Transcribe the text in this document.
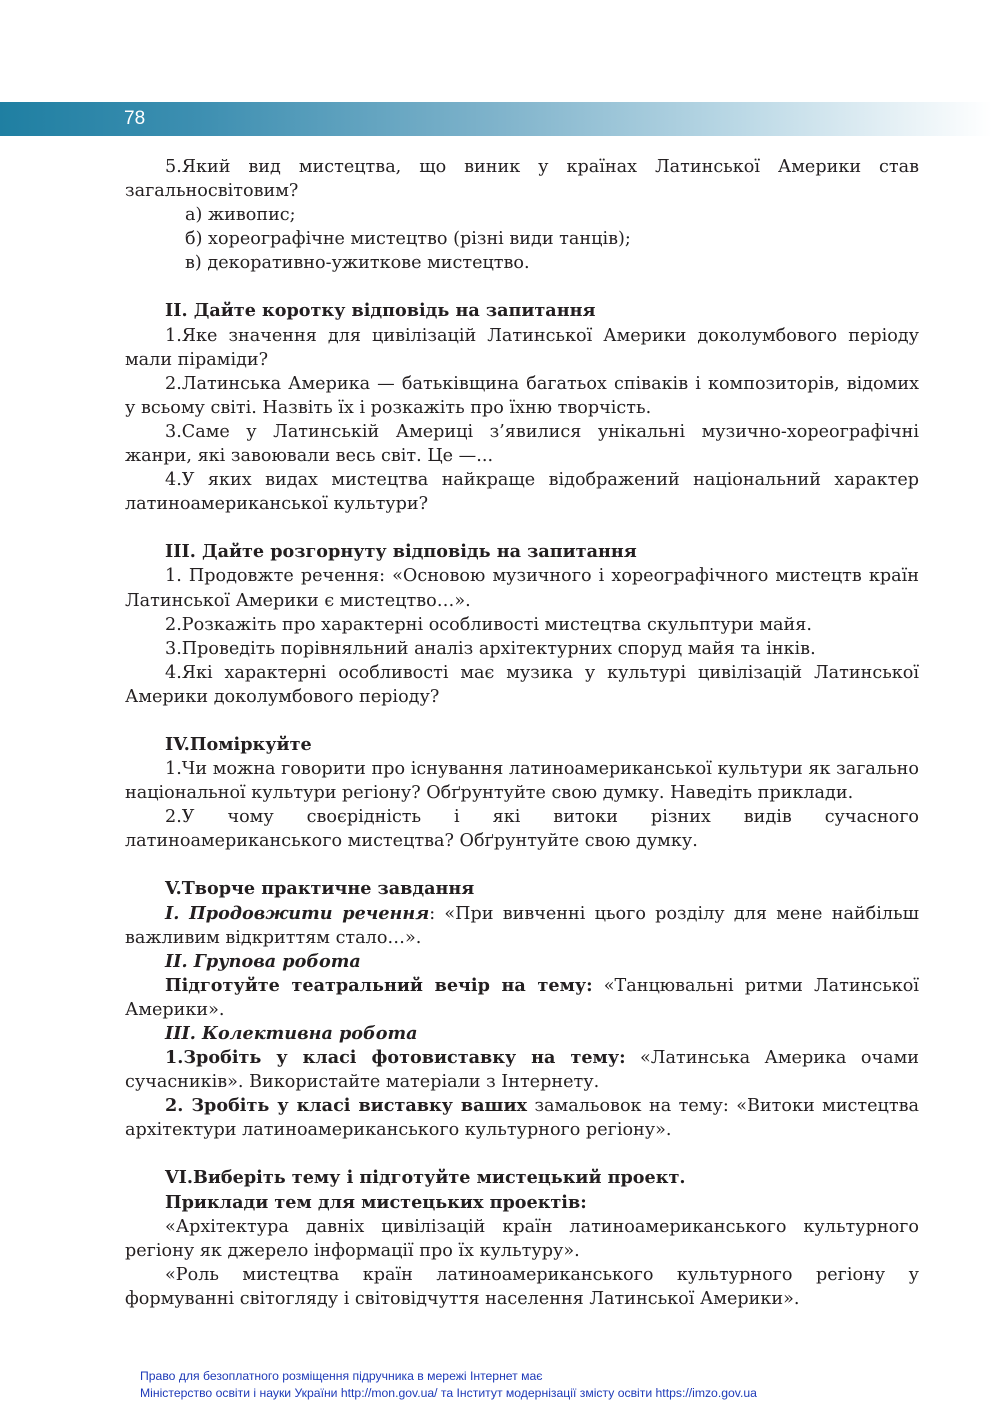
78

5.Який вид мистецтва, що виник у країнах Латинської Америки став загальносвітовим?

а) живопис;

б) хореографічне мистецтво (різні види танців);

в) декоративно-ужиткове мистецтво.

ІІ. Дайте коротку відповідь на запитання

1.Яке значення для цивілізацій Латинської Америки доколумбового періоду мали піраміди?

2.Латинська Америка — батьківщина багатьох співаків і композиторів, відомих у всьому світі. Назвіть їх і розкажіть про їхню творчість.

3.Саме у Латинській Америці з’явилися унікальні музично-хореографічні жанри, які завоювали весь світ. Це —...

4.У яких видах мистецтва найкраще відображений національний характер латиноамериканської культури?

ІІІ. Дайте розгорнуту відповідь на запитання

1. Продовжте речення: «Основою музичного і хореографічного мистецтв країн Латинської Америки є мистецтво…».

2.Розкажіть про характерні особливості мистецтва скульптури майя.

3.Проведіть порівняльний аналіз архітектурних споруд майя та інків.

4.Які характерні особливості має музика у культурі цивілізацій Латинської Америки доколумбового періоду?

ІV.Поміркуйте

1.Чи можна говорити про існування латиноамериканської культури як загально національної культури регіону? Обґрунтуйте свою думку. Наведіть приклади.

2.У чому своєрідність і які витоки різних видів сучасного латиноамериканського мистецтва? Обґрунтуйте свою думку.

V.Творче практичне завдання

І. Продовжити речення: «При вивченні цього розділу для мене найбільш важливим відкриттям стало…».

ІІ. Групова робота

Підготуйте театральний вечір на тему: «Танцювальні ритми Латинської Америки».

ІІІ. Колективна робота

1.Зробіть у класі фотовиставку на тему: «Латинська Америка очами сучасників». Використайте матеріали з Інтернету.

2. Зробіть у класі виставку ваших замальовок на тему: «Витоки мистецтва архітектури латиноамериканського культурного регіону».

VІ.Виберіть тему і підготуйте мистецький проект.

Приклади тем для мистецьких проектів:

«Архітектура давніх цивілізацій країн латиноамериканського культурного регіону як джерело інформації про їх культуру».

«Роль мистецтва країн латиноамериканського культурного регіону у формуванні світогляду і світовідчуття населення Латинської Америки».

Право для безоплатного розміщення підручника в мережі Інтернет має
Міністерство освіти і науки України http://mon.gov.ua/ та Інститут модернізації змісту освіти https://imzo.gov.ua
